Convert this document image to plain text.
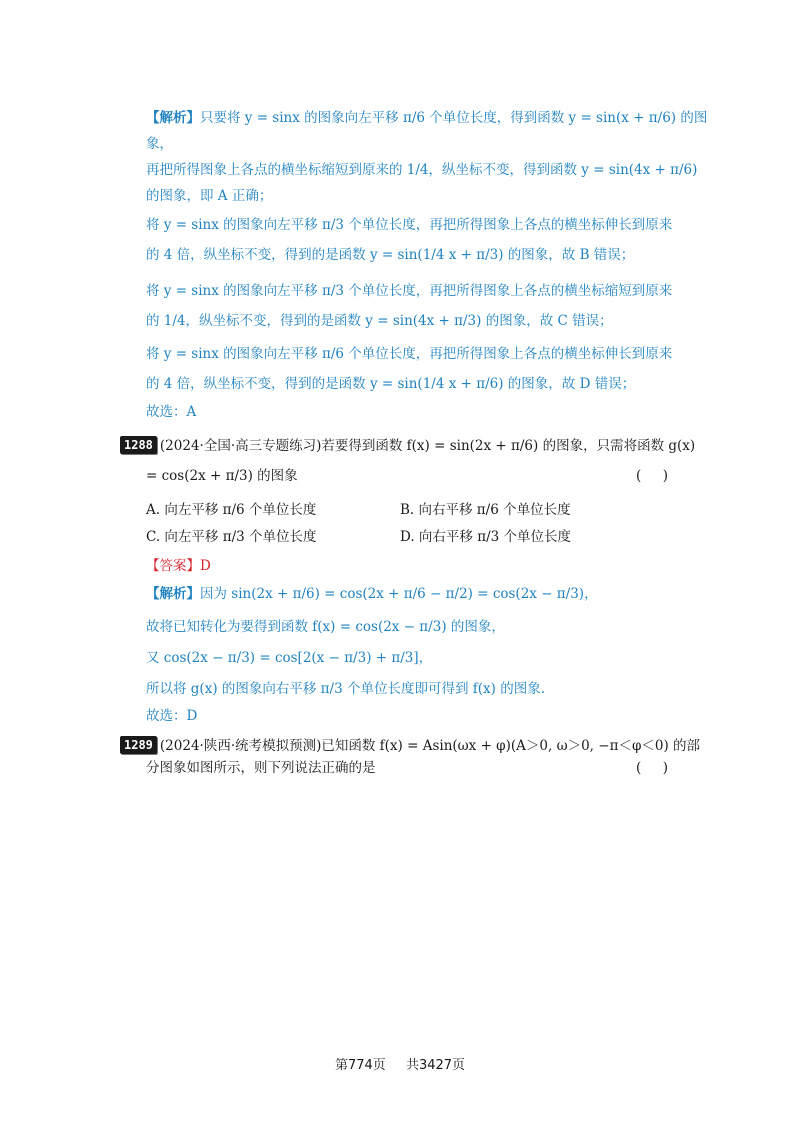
【解析】只要将 y = sinx 的图象向左平移 π/6 个单位长度，得到函数 y = sin(x + π/6) 的图
象，
再把所得图象上各点的横坐标缩短到原来的 1/4，纵坐标不变，得到函数 y = sin(4x + π/6)
的图象，即 A 正确；
将 y = sinx 的图象向左平移 π/3 个单位长度，再把所得图象上各点的横坐标伸长到原来
的 4 倍，纵坐标不变，得到的是函数 y = sin(1/4 x + π/3) 的图象，故 B 错误；
将 y = sinx 的图象向左平移 π/3 个单位长度，再把所得图象上各点的横坐标缩短到原来
的 1/4，纵坐标不变，得到的是函数 y = sin(4x + π/3) 的图象，故 C 错误；
将 y = sinx 的图象向左平移 π/6 个单位长度，再把所得图象上各点的横坐标伸长到原来
的 4 倍，纵坐标不变，得到的是函数 y = sin(1/4 x + π/6) 的图象，故 D 错误；
故选：A
1288 (2024·全国·高三专题练习)若要得到函数 f(x) = sin(2x + π/6) 的图象，只需将函数 g(x)
= cos(2x + π/3) 的图象	(     )
A. 向左平移 π/6 个单位长度	B. 向右平移 π/6 个单位长度
C. 向左平移 π/3 个单位长度	D. 向右平移 π/3 个单位长度
【答案】D
【解析】因为 sin(2x + π/6) = cos(2x + π/6 − π/2) = cos(2x − π/3)，
故将已知转化为要得到函数 f(x) = cos(2x − π/3) 的图象，
又 cos(2x − π/3) = cos[2(x − π/3) + π/3]，
所以将 g(x) 的图象向右平移 π/3 个单位长度即可得到 f(x) 的图象.
故选：D
1289 (2024·陕西·统考模拟预测)已知函数 f(x) = Asin(ωx + φ)(A＞0, ω＞0, −π＜φ＜0) 的部
分图象如图所示，则下列说法正确的是	(     )
第774页 共3427页
